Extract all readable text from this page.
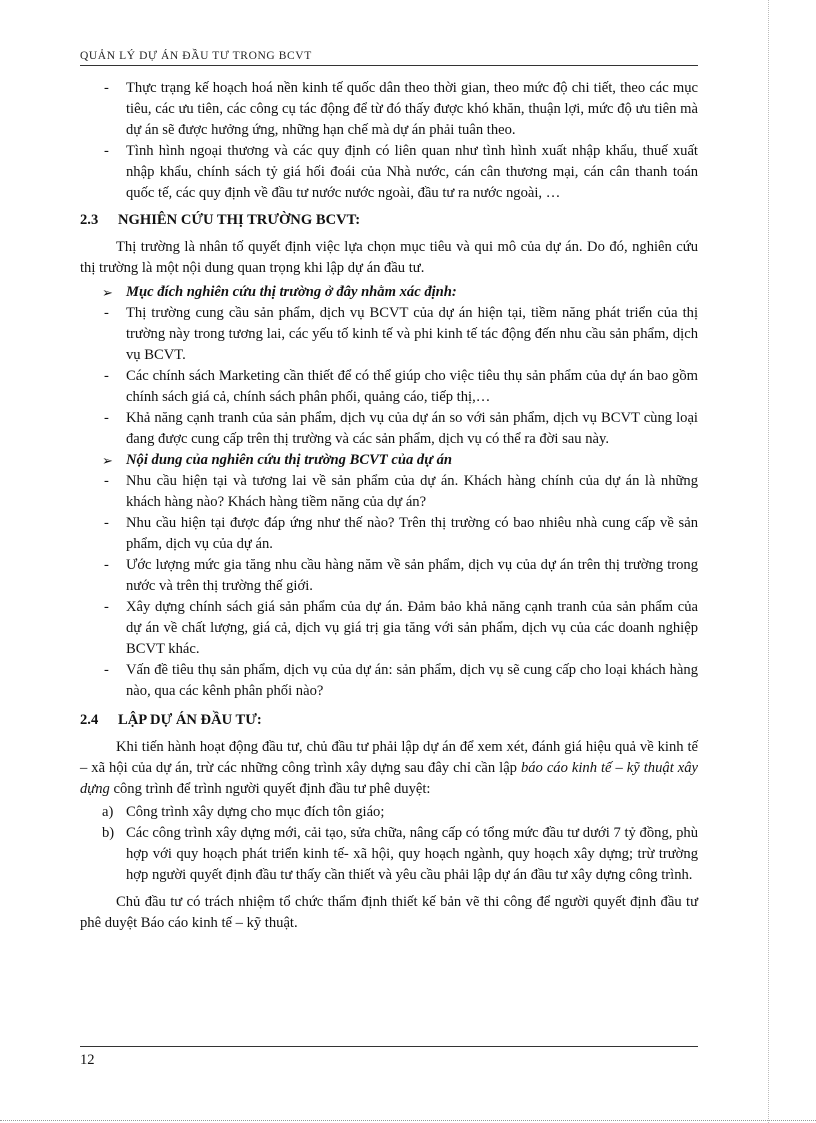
QUẢN LÝ DỰ ÁN ĐẦU TƯ TRONG BCVT

- Thực trạng kế hoạch hoá nền kinh tế quốc dân theo thời gian, theo mức độ chi tiết, theo các mục tiêu, các ưu tiên, các công cụ tác động để từ đó thấy được khó khăn, thuận lợi, mức độ ưu tiên mà dự án sẽ được hưởng ứng, những hạn chế mà dự án phải tuân theo.

- Tình hình ngoại thương và các quy định có liên quan như tình hình xuất nhập khẩu, thuế xuất nhập khẩu, chính sách tỷ giá hối đoái của Nhà nước, cán cân thương mại, cán cân thanh toán quốc tế, các quy định về đầu tư nước nước ngoài, đầu tư ra nước ngoài, …

2.3 NGHIÊN CỨU THỊ TRƯỜNG BCVT:

Thị trường là nhân tố quyết định việc lựa chọn mục tiêu và qui mô của dự án. Do đó, nghiên cứu thị trường là một nội dung quan trọng khi lập dự án đầu tư.

➢ Mục đích nghiên cứu thị trường ở đây nhằm xác định:

- Thị trường cung cầu sản phẩm, dịch vụ BCVT của dự án hiện tại, tiềm năng phát triển của thị trường này trong tương lai, các yếu tố kinh tế và phi kinh tế tác động đến nhu cầu sản phẩm, dịch vụ BCVT.

- Các chính sách Marketing cần thiết để có thể giúp cho việc tiêu thụ sản phẩm của dự án bao gồm chính sách giá cả, chính sách phân phối, quảng cáo, tiếp thị,…

- Khả năng cạnh tranh của sản phẩm, dịch vụ của dự án so với sản phẩm, dịch vụ BCVT cùng loại đang được cung cấp trên thị trường và các sản phẩm, dịch vụ có thể ra đời sau này.

➢ Nội dung của nghiên cứu thị trường BCVT của dự án

- Nhu cầu hiện tại và tương lai về sản phẩm của dự án. Khách hàng chính của dự án là những khách hàng nào? Khách hàng tiềm năng của dự án?

- Nhu cầu hiện tại được đáp ứng như thế nào? Trên thị trường có bao nhiêu nhà cung cấp về sản phẩm, dịch vụ của dự án.

- Ước lượng mức gia tăng nhu cầu hàng năm về sản phẩm, dịch vụ của dự án trên thị trường trong nước và trên thị trường thế giới.

- Xây dựng chính sách giá sản phẩm của dự án. Đảm bảo khả năng cạnh tranh của sản phẩm của dự án về chất lượng, giá cả, dịch vụ giá trị gia tăng với sản phẩm, dịch vụ của các doanh nghiệp BCVT khác.

- Vấn đề tiêu thụ sản phẩm, dịch vụ của dự án: sản phẩm, dịch vụ sẽ cung cấp cho loại khách hàng nào, qua các kênh phân phối nào?

2.4 LẬP DỰ ÁN ĐẦU TƯ:

Khi tiến hành hoạt động đầu tư, chủ đầu tư phải lập dự án để xem xét, đánh giá hiệu quả về kinh tế – xã hội của dự án, trừ các những công trình xây dựng sau đây chỉ cần lập báo cáo kinh tế – kỹ thuật xây dựng công trình để trình người quyết định đầu tư phê duyệt:

a) Công trình xây dựng cho mục đích tôn giáo;

b) Các công trình xây dựng mới, cải tạo, sửa chữa, nâng cấp có tổng mức đầu tư dưới 7 tỷ đồng, phù hợp với quy hoạch phát triển kinh tế- xã hội, quy hoạch ngành, quy hoạch xây dựng; trừ trường hợp người quyết định đầu tư thấy cần thiết và yêu cầu phải lập dự án đầu tư xây dựng công trình.

Chủ đầu tư có trách nhiệm tổ chức thẩm định thiết kế bản vẽ thi công để người quyết định đầu tư phê duyệt Báo cáo kinh tế – kỹ thuật.

12
